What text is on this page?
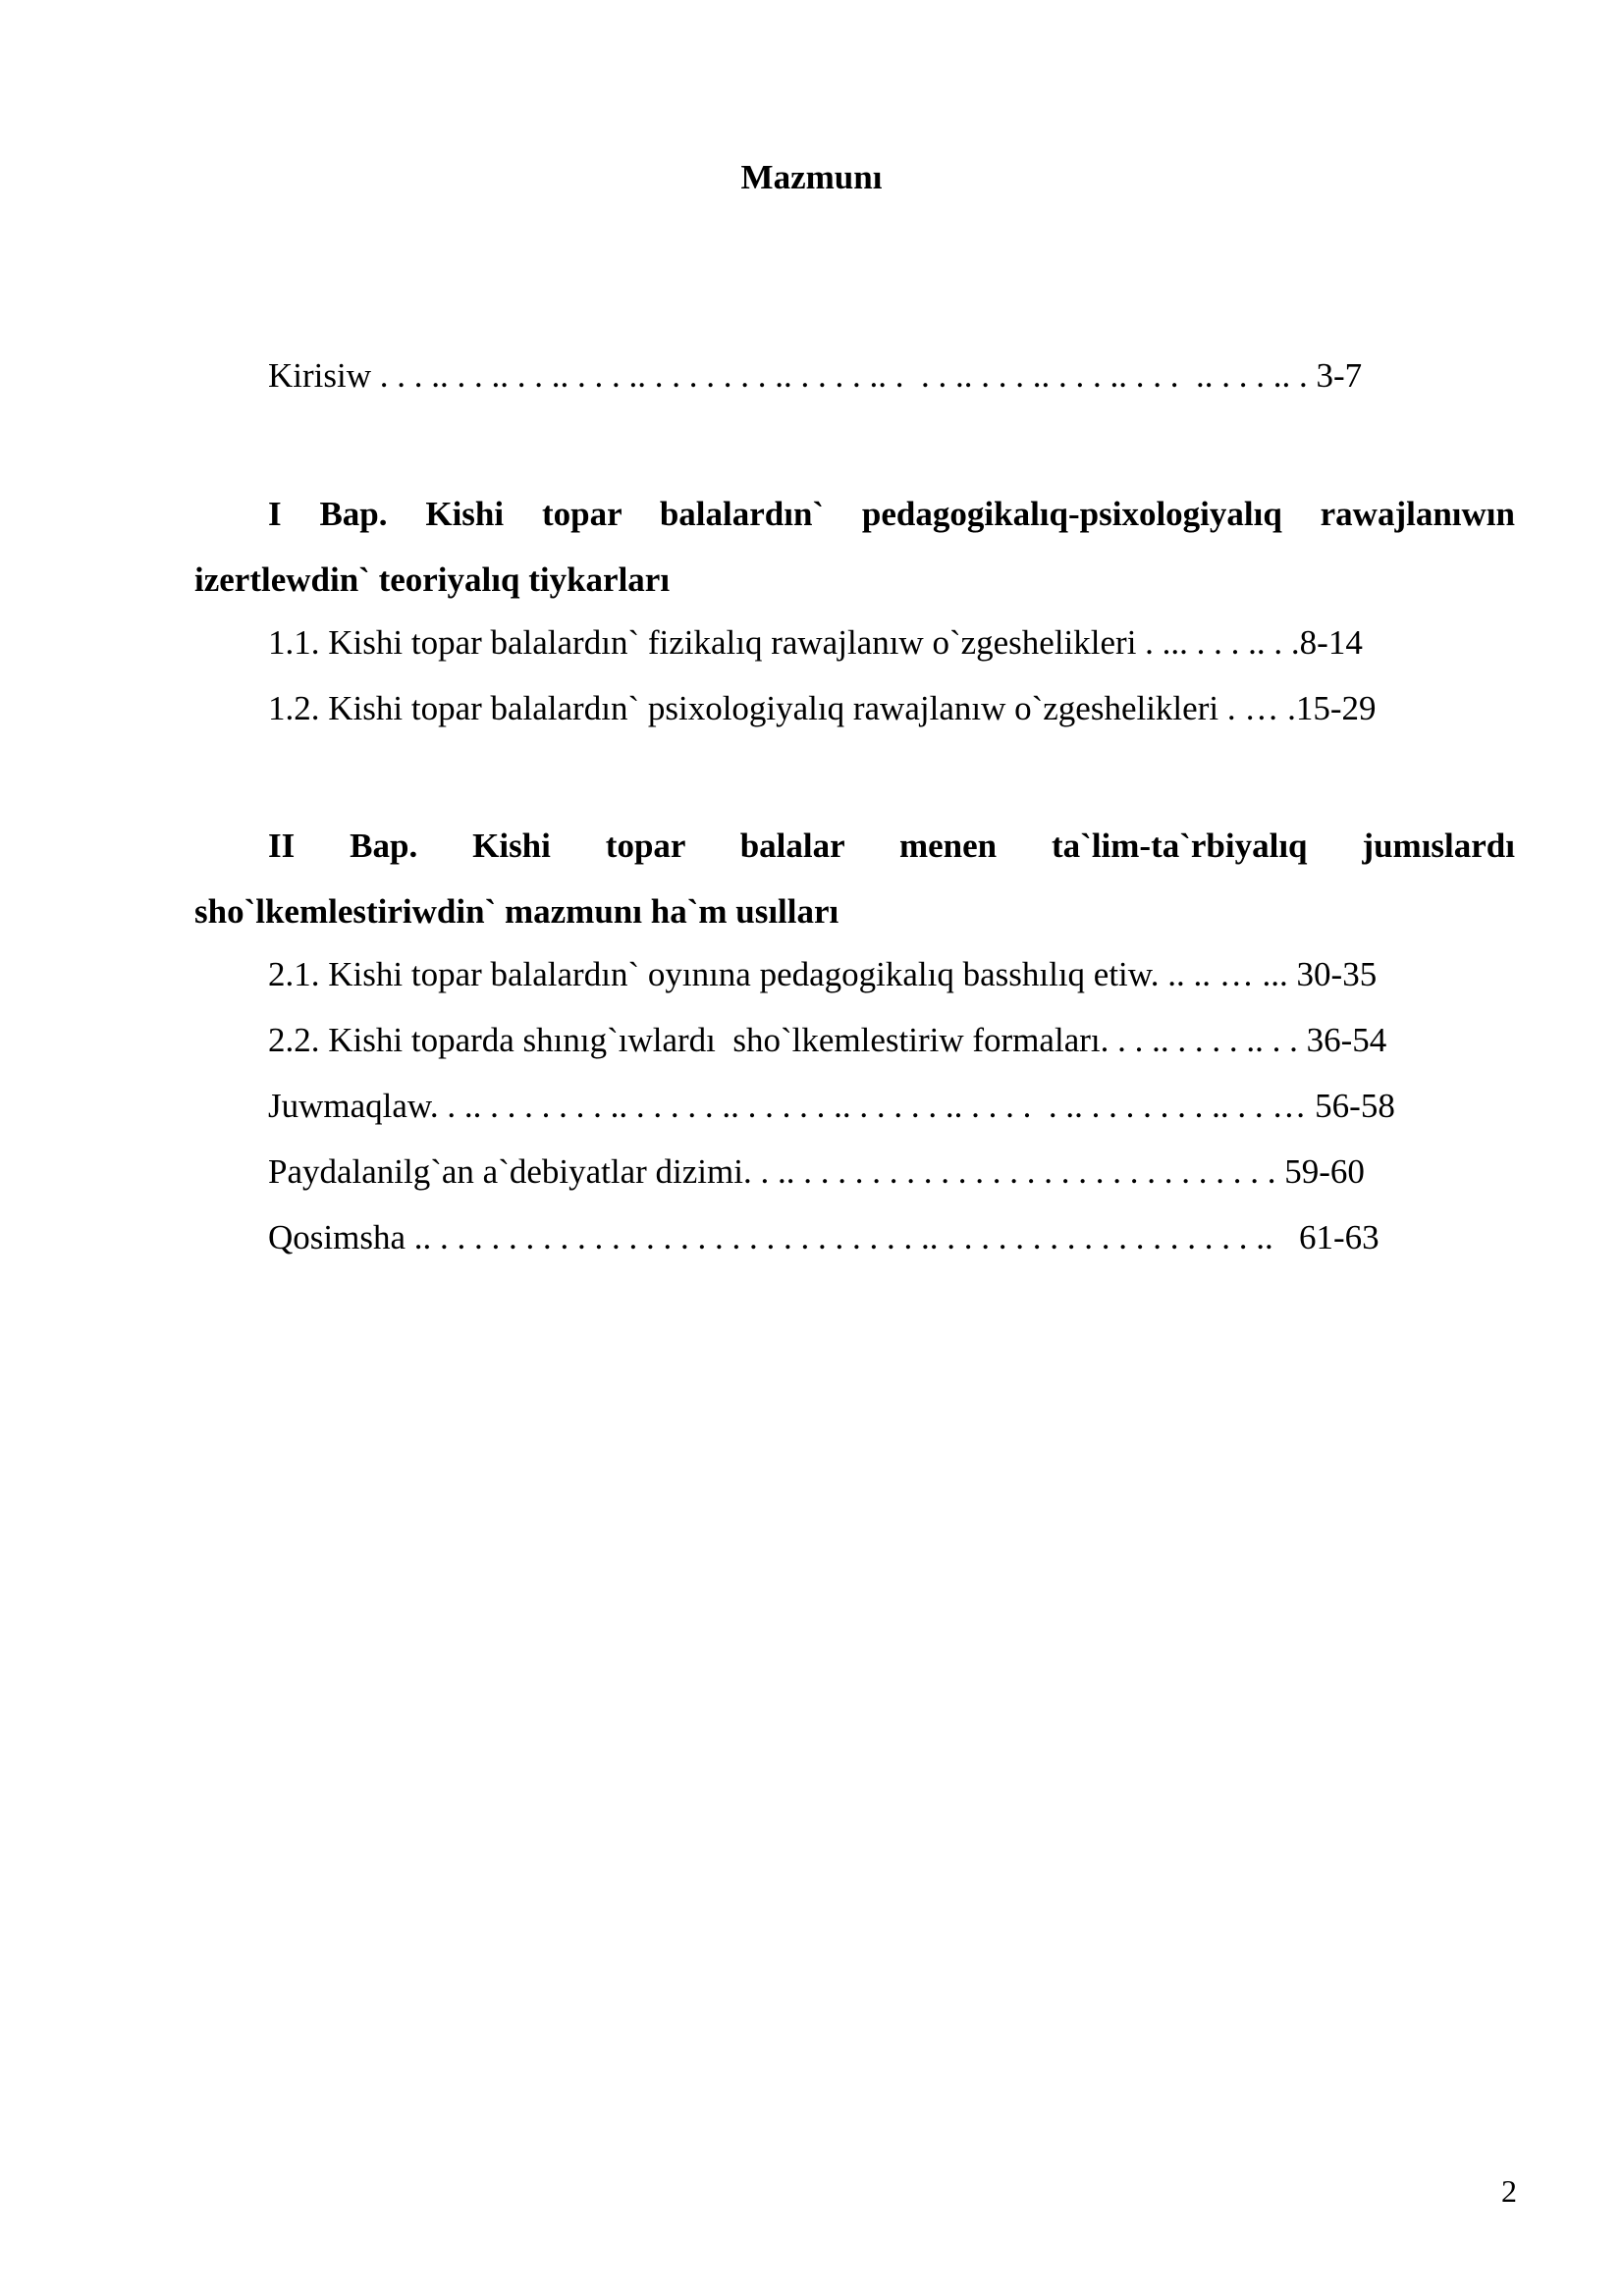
Mazmunı
Kirisiw . . . .. . . .. . . .. . . . .. . . . . . . . .. . . . . .. .  . . .. . . . .. . . . .. . . .  .. . . . .. . 3-7
I Bap. Kishi topar balalardın` pedagogikalıq-psixologiyalıq rawajlanıwın
izertlewdin` teoriyalıq tiykarları
1.1. Kishi topar balalardın` fizikalıq rawajlanıw o`zgeshelikleri . ... . . . .. . .8-14
1.2. Kishi topar balalardın` psixologiyalıq rawajlanıw o`zgeshelikleri . … .15-29
II Bap. Kishi topar balalar menen ta`lim-ta`rbiyalıq jumıslardı
sho`lkemlestiriwdin` mazmunı ha`m usılları
2.1. Kishi topar balalardın` oyınına pedagogikalıq basshılıq etiw. .. .. … ... 30-35
2.2. Kishi toparda shınıg`ıwlardı  sho`lkemlestiriw formaları. . . .. . . . . .. . . 36-54
Juwmaqlaw. . .. . . . . . . . .. . . . . . .. . . . . . .. . . . . . .. . . . .  . .. . . . . . . . .. . . … 56-58
Paydalanilg`an a`debiyatlar dizimi. . .. . . . . . . . . . . . . . . . . . . . . . . . . . . . . 59-60
Qosimsha .. . . . . . . . . . . . . . . . . . . . . . . . . . . . . .. . . . . . . . . . . . . . . . . . . ..   61-63
2
